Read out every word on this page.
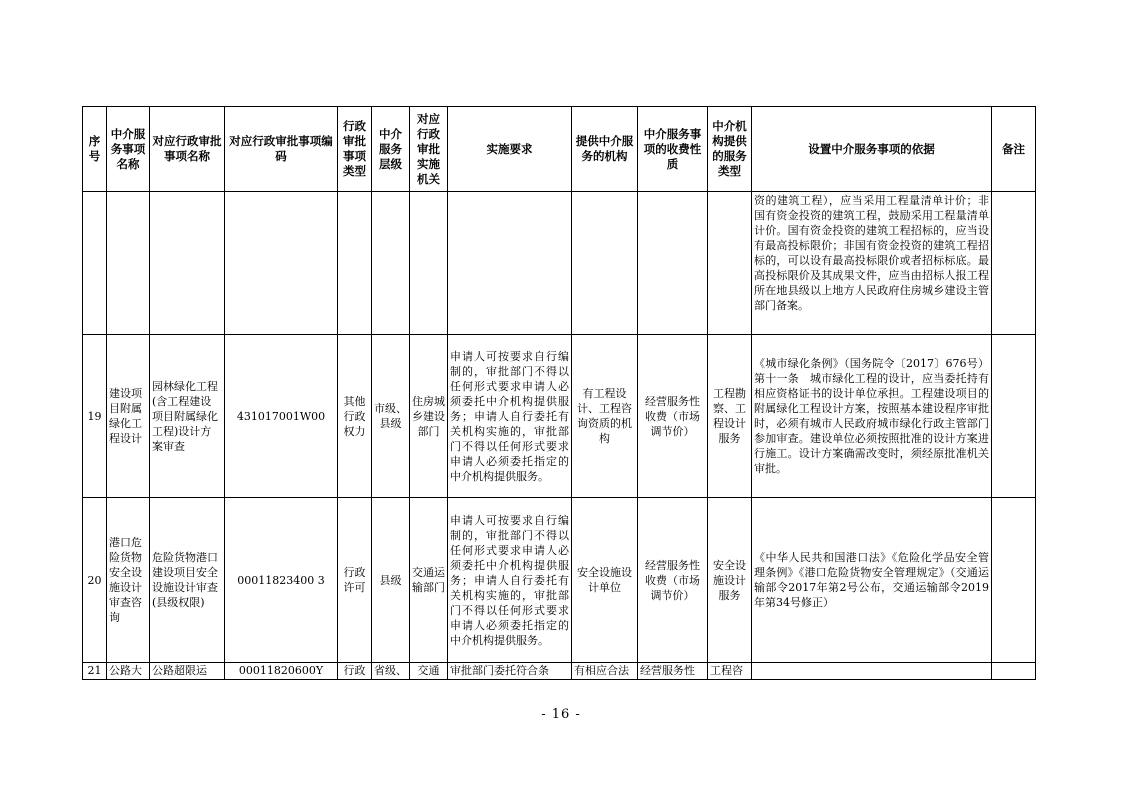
序号	中介服务事项名称	对应行政审批事项名称	对应行政审批事项编码	行政审批事项类型	中介服务层级	对应行政审批实施机关	实施要求	提供中介服务的机构	中介服务事项的收费性质	中介机构提供的服务类型	设置中介服务事项的依据	备注
											资的建筑工程），应当采用工程量清单计价；非国有资金投资的建筑工程，鼓励采用工程量清单计价。国有资金投资的建筑工程招标的，应当设有最高投标限价；非国有资金投资的建筑工程招标的，可以设有最高投标限价或者招标标底。最高投标限价及其成果文件，应当由招标人报工程所在地县级以上地方人民政府住房城乡建设主管部门备案。	
19	建设项目附属绿化工程设计	园林绿化工程(含工程建设项目附属绿化工程)设计方案审查	431017001W00	其他行政权力	市级、县级	住房城乡建设部门	申请人可按要求自行编制的，审批部门不得以任何形式要求申请人必须委托中介机构提供服务；申请人自行委托有关机构实施的，审批部门不得以任何形式要求申请人必须委托指定的中介机构提供服务。	有工程设计、工程咨询资质的机构	经营服务性收费（市场调节价）	工程勘察、工程设计服务	《城市绿化条例》（国务院令〔2017〕676号）第十一条　城市绿化工程的设计，应当委托持有相应资格证书的设计单位承担。工程建设项目的附属绿化工程设计方案，按照基本建设程序审批时，必须有城市人民政府城市绿化行政主管部门参加审查。建设单位必须按照批准的设计方案进行施工。设计方案确需改变时，须经原批准机关审批。	
20	港口危险货物安全设施设计审查咨询	危险货物港口建设项目安全设施设计审查(县级权限)	00011823400 3	行政许可	县级	交通运输部门	申请人可按要求自行编制的，审批部门不得以任何形式要求申请人必须委托中介机构提供服务；申请人自行委托有关机构实施的，审批部门不得以任何形式要求申请人必须委托指定的中介机构提供服务。	安全设施设计单位	经营服务性收费（市场调节价）	安全设施设计服务	《中华人民共和国港口法》《危险化学品安全管理条例》《港口危险货物安全管理规定》（交通运输部令2017年第2号公布，交通运输部令2019年第34号修正）	
21	公路大	公路超限运	00011820600Y	行政	省级、	交通	审批部门委托符合条	有相应合法	经营服务性	工程咨		
- 16 -
